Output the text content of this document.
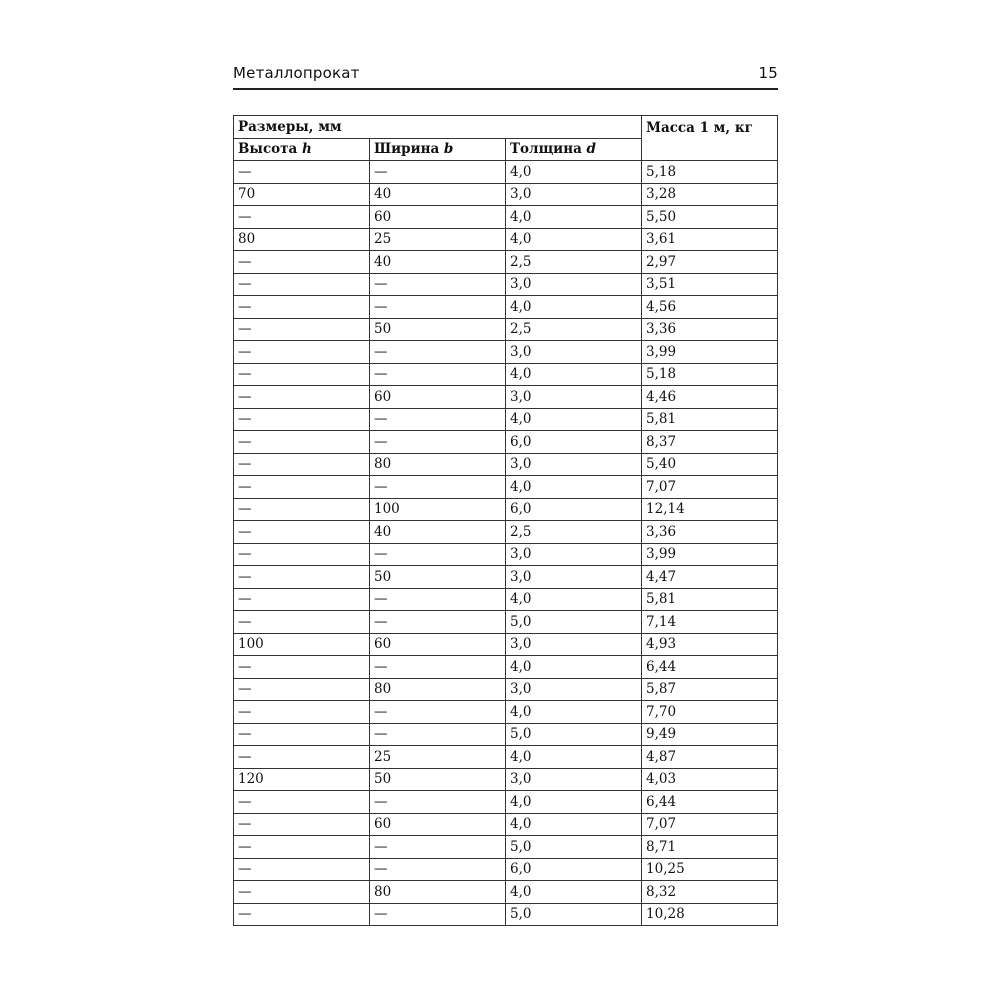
Металлопрокат	15
Размеры, мм			Масса 1 м, кг
Высота h	Ширина b	Толщина d	
—	—	4,0	5,18
70	40	3,0	3,28
—	60	4,0	5,50
80	25	4,0	3,61
—	40	2,5	2,97
—	—	3,0	3,51
—	—	4,0	4,56
—	50	2,5	3,36
—	—	3,0	3,99
—	—	4,0	5,18
—	60	3,0	4,46
—	—	4,0	5,81
—	—	6,0	8,37
—	80	3,0	5,40
—	—	4,0	7,07
—	100	6,0	12,14
—	40	2,5	3,36
—	—	3,0	3,99
—	50	3,0	4,47
—	—	4,0	5,81
—	—	5,0	7,14
100	60	3,0	4,93
—	—	4,0	6,44
—	80	3,0	5,87
—	—	4,0	7,70
—	—	5,0	9,49
—	25	4,0	4,87
120	50	3,0	4,03
—	—	4,0	6,44
—	60	4,0	7,07
—	—	5,0	8,71
—	—	6,0	10,25
—	80	4,0	8,32
—	—	5,0	10,28
